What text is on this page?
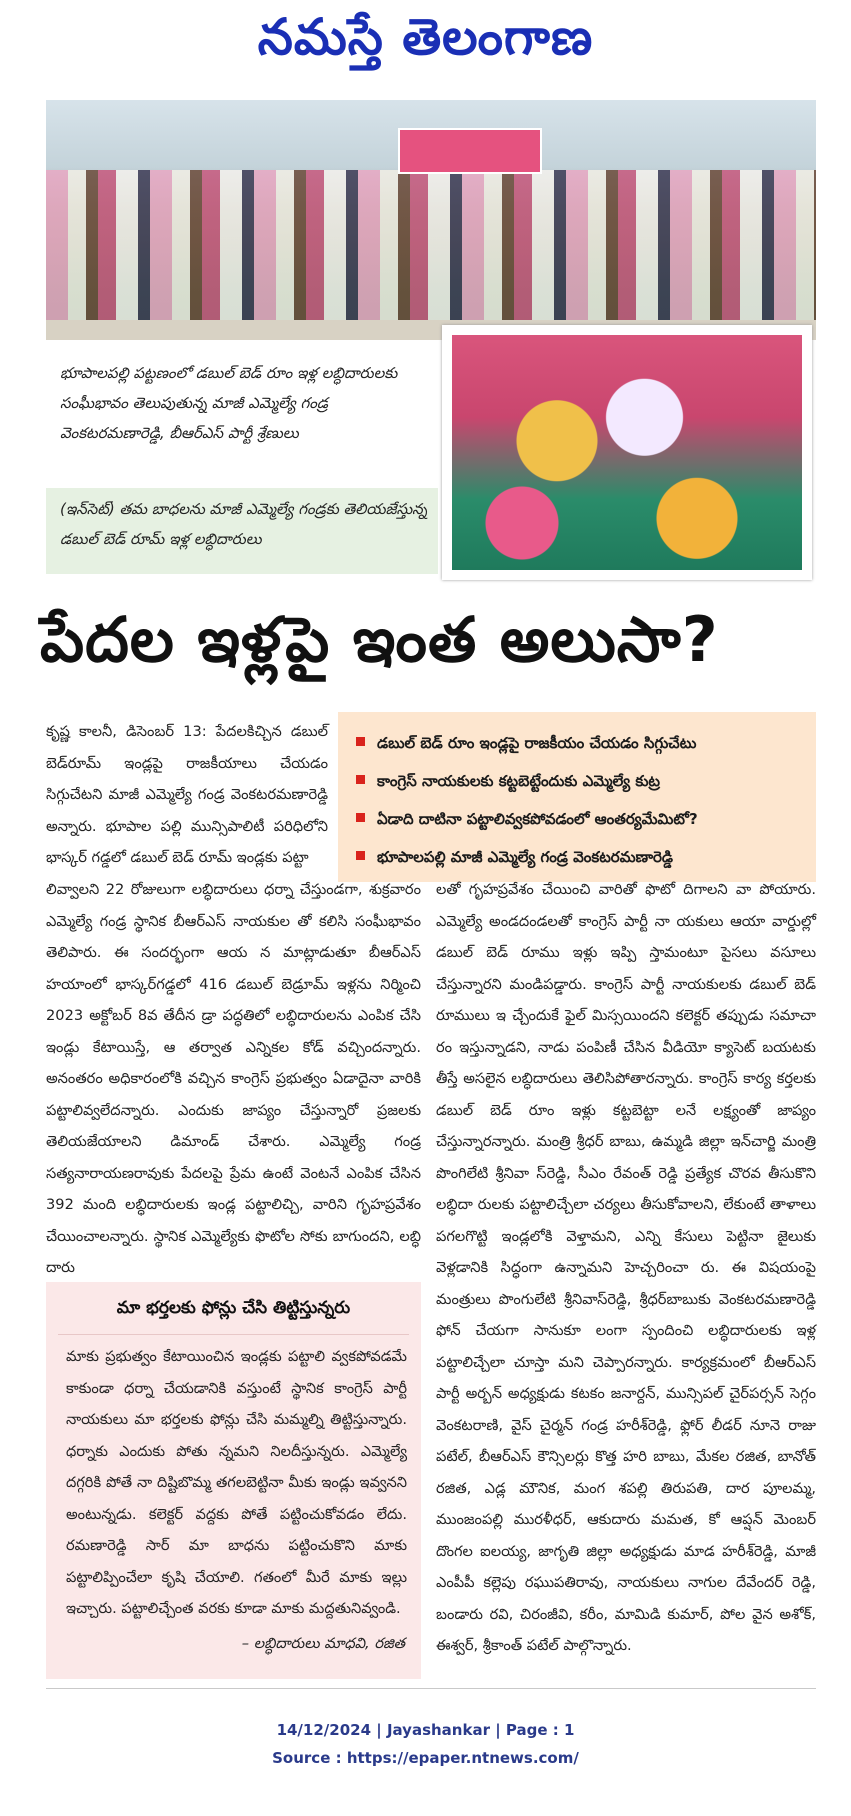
నమస్తే తెలంగాణ
భూపాలపల్లి పట్టణంలో డబుల్ బెడ్ రూం ఇళ్ల లబ్ధిదారులకు సంఘీభావం తెలుపుతున్న మాజీ ఎమ్మెల్యే గండ్ర వెంకటరమణారెడ్డి, బీఆర్ఎస్ పార్టీ శ్రేణులు
(ఇన్‌సెట్) తమ బాధలను మాజీ ఎమ్మెల్యే గండ్రకు తెలియజేస్తున్న డబుల్ బెడ్ రూమ్ ఇళ్ల లబ్ధిదారులు
పేదల ఇళ్లపై ఇంత అలుసా?
డబుల్ బెడ్ రూం ఇండ్లపై రాజకీయం చేయడం సిగ్గుచేటు
కాంగ్రెస్ నాయకులకు కట్టబెట్టేందుకు ఎమ్మెల్యే కుట్ర
ఏడాది దాటినా పట్టాలివ్వకపోవడంలో ఆంతర్యమేమిటో?
భూపాలపల్లి మాజీ ఎమ్మెల్యే గండ్ర వెంకటరమణారెడ్డి

కృష్ణ కాలనీ, డిసెంబర్ 13: పేదలకిచ్చిన డబుల్ బెడ్‌రూమ్ ఇండ్లపై రాజకీయాలు చేయడం సిగ్గుచేటని మాజీ ఎమ్మెల్యే గండ్ర వెంకటరమణారెడ్డి అన్నారు. భూపాల పల్లి మున్సిపాలిటీ పరిధిలోని భాస్కర్ గడ్డలో డబుల్ బెడ్ రూమ్ ఇండ్లకు పట్టా

లివ్వాలని 22 రోజులుగా లబ్ధిదారులు ధర్నా చేస్తుండగా, శుక్రవారం ఎమ్మెల్యే గండ్ర స్థానిక బీఆర్ఎస్ నాయకుల తో కలిసి సంఘీభావం తెలిపారు. ఈ సందర్భంగా ఆయ న మాట్లాడుతూ బీఆర్ఎస్ హయాంలో భాస్కర్‌గడ్డలో 416 డబుల్ బెడ్రూమ్ ఇళ్లను నిర్మించి 2023 అక్టోబర్ 8వ తేదీన డ్రా పద్ధతిలో లబ్ధిదారులను ఎంపిక చేసి ఇండ్లు కేటాయిస్తే, ఆ తర్వాత ఎన్నికల కోడ్ వచ్చిందన్నారు. అనంతరం అధికారంలోకి వచ్చిన కాంగ్రెస్ ప్రభుత్వం ఏడాదైనా వారికి పట్టాలివ్వలేదన్నారు. ఎందుకు జాప్యం చేస్తున్నారో ప్రజలకు తెలియజేయాలని డిమాండ్ చేశారు. ఎమ్మెల్యే గండ్ర సత్యనారాయణరావుకు పేదలపై ప్రేమ ఉంటే వెంటనే ఎంపిక చేసిన 392 మంది లబ్ధిదారులకు ఇండ్ల పట్టాలిచ్చి, వారిని గృహప్రవేశం చేయించాలన్నారు. స్థానిక ఎమ్మెల్యేకు ఫొటోల సోకు బాగుందని, లబ్ధి దారు

లతో గృహప్రవేశం చేయించి వారితో ఫొటో దిగాలని వా పోయారు. ఎమ్మెల్యే అండదండలతో కాంగ్రెస్ పార్టీ నా యకులు ఆయా వార్డుల్లో డబుల్ బెడ్ రూము ఇళ్లు ఇప్పి స్తామంటూ పైసలు వసూలు చేస్తున్నారని మండిపడ్డారు. కాంగ్రెస్ పార్టీ నాయకులకు డబుల్ బెడ్ రూములు ఇ చ్చేందుకే ఫైల్ మిస్సయిందని కలెక్టర్ తప్పుడు సమాచా రం ఇస్తున్నాడని, నాడు పంపిణీ చేసిన వీడియో క్యాసెట్ బయటకు తీస్తే అసలైన లబ్ధిదారులు తెలిసిపోతారన్నారు. కాంగ్రెస్ కార్య కర్తలకు డబుల్ బెడ్ రూం ఇళ్లు కట్టబెట్టా లనే లక్ష్యంతో జాప్యం చేస్తున్నారన్నారు. మంత్రి శ్రీధర్ బాబు, ఉమ్మడి జిల్లా ఇన్‌చార్జి మంత్రి పొంగిలేటి శ్రీనివా స్‌రెడ్డి, సీఎం రేవంత్ రెడ్డి ప్రత్యేక చొరవ తీసుకొని లబ్ధిదా రులకు పట్టాలిచ్చేలా చర్యలు తీసుకోవాలని, లేకుంటే తాళాలు పగలగొట్టి ఇండ్లలోకి వెళ్తామని, ఎన్ని కేసులు పెట్టినా జైలుకు వెళ్లడానికి సిద్ధంగా ఉన్నామని హెచ్చరించా రు. ఈ విషయంపై మంత్రులు పొంగులేటి శ్రీనివాస్‌రెడ్డి, శ్రీధర్‌బాబుకు వెంకటరమణారెడ్డి ఫోన్ చేయగా సానుకూ లంగా స్పందించి లబ్ధిదారులకు ఇళ్ల పట్టాలిచ్చేలా చూస్తా మని చెప్పారన్నారు. కార్యక్రమంలో బీఆర్ఎస్ పార్టీ అర్బన్ అధ్యక్షుడు కటకం జనార్దన్, మున్సిపల్ చైర్‌పర్సన్ సెగ్గం వెంకటరాణి, వైస్ చైర్మన్ గండ్ర హరీశ్‌రెడ్డి, ఫ్లోర్ లీడర్ నూనె రాజు పటేల్, బీఆర్ఎస్ కౌన్సిలర్లు కొత్త హరి బాబు, మేకల రజిత, బానోత్ రజిత, ఎడ్ల మౌనిక, మంగ శపల్లి తిరుపతి, దార పూలమ్మ, ముంజంపల్లి మురళీధర్, ఆకుదారు మమత, కో ఆప్షన్ మెంబర్ దొంగల ఐలయ్య, జాగృతి జిల్లా అధ్యక్షుడు మాడ హరీశ్‌రెడ్డి, మాజీ ఎంపీపీ కల్లెపు రఘుపతిరావు, నాయకులు నాగుల దేవేందర్ రెడ్డి, బండారు రవి, చిరంజీవి, కరీం, మామిడి కుమార్, పోల వైన అశోక్, ఈశ్వర్, శ్రీకాంత్ పటేల్ పాల్గొన్నారు.

మా భర్తలకు ఫోన్లు చేసి తిట్టిస్తున్నరు
మాకు ప్రభుత్వం కేటాయించిన ఇండ్లకు పట్టాలి వ్వకపోవడమే కాకుండా ధర్నా చేయడానికి వస్తుంటే స్థానిక కాంగ్రెస్ పార్టీ నాయకులు మా భర్తలకు ఫోన్లు చేసి మమ్మల్ని తిట్టిస్తున్నారు. ధర్నాకు ఎందుకు పోతు న్నమని నిలదీస్తున్నరు. ఎమ్మెల్యే దగ్గరికి పోతే నా దిష్టిబొమ్మ తగలబెట్టినా మీకు ఇండ్లు ఇవ్వనని అంటున్నడు. కలెక్టర్ వద్దకు పోతే పట్టించుకోవడం లేదు. రమణారెడ్డి సార్ మా బాధను పట్టించుకొని మాకు పట్టాలిప్పించేలా కృషి చేయాలి. గతంలో మీరే మాకు ఇల్లు ఇచ్చారు. పట్టాలిచ్చేంత వరకు కూడా మాకు మద్దతునివ్వండి.
– లబ్ధిదారులు మాధవి, రజిత
14/12/2024 | Jayashankar | Page : 1
Source : https://epaper.ntnews.com/
